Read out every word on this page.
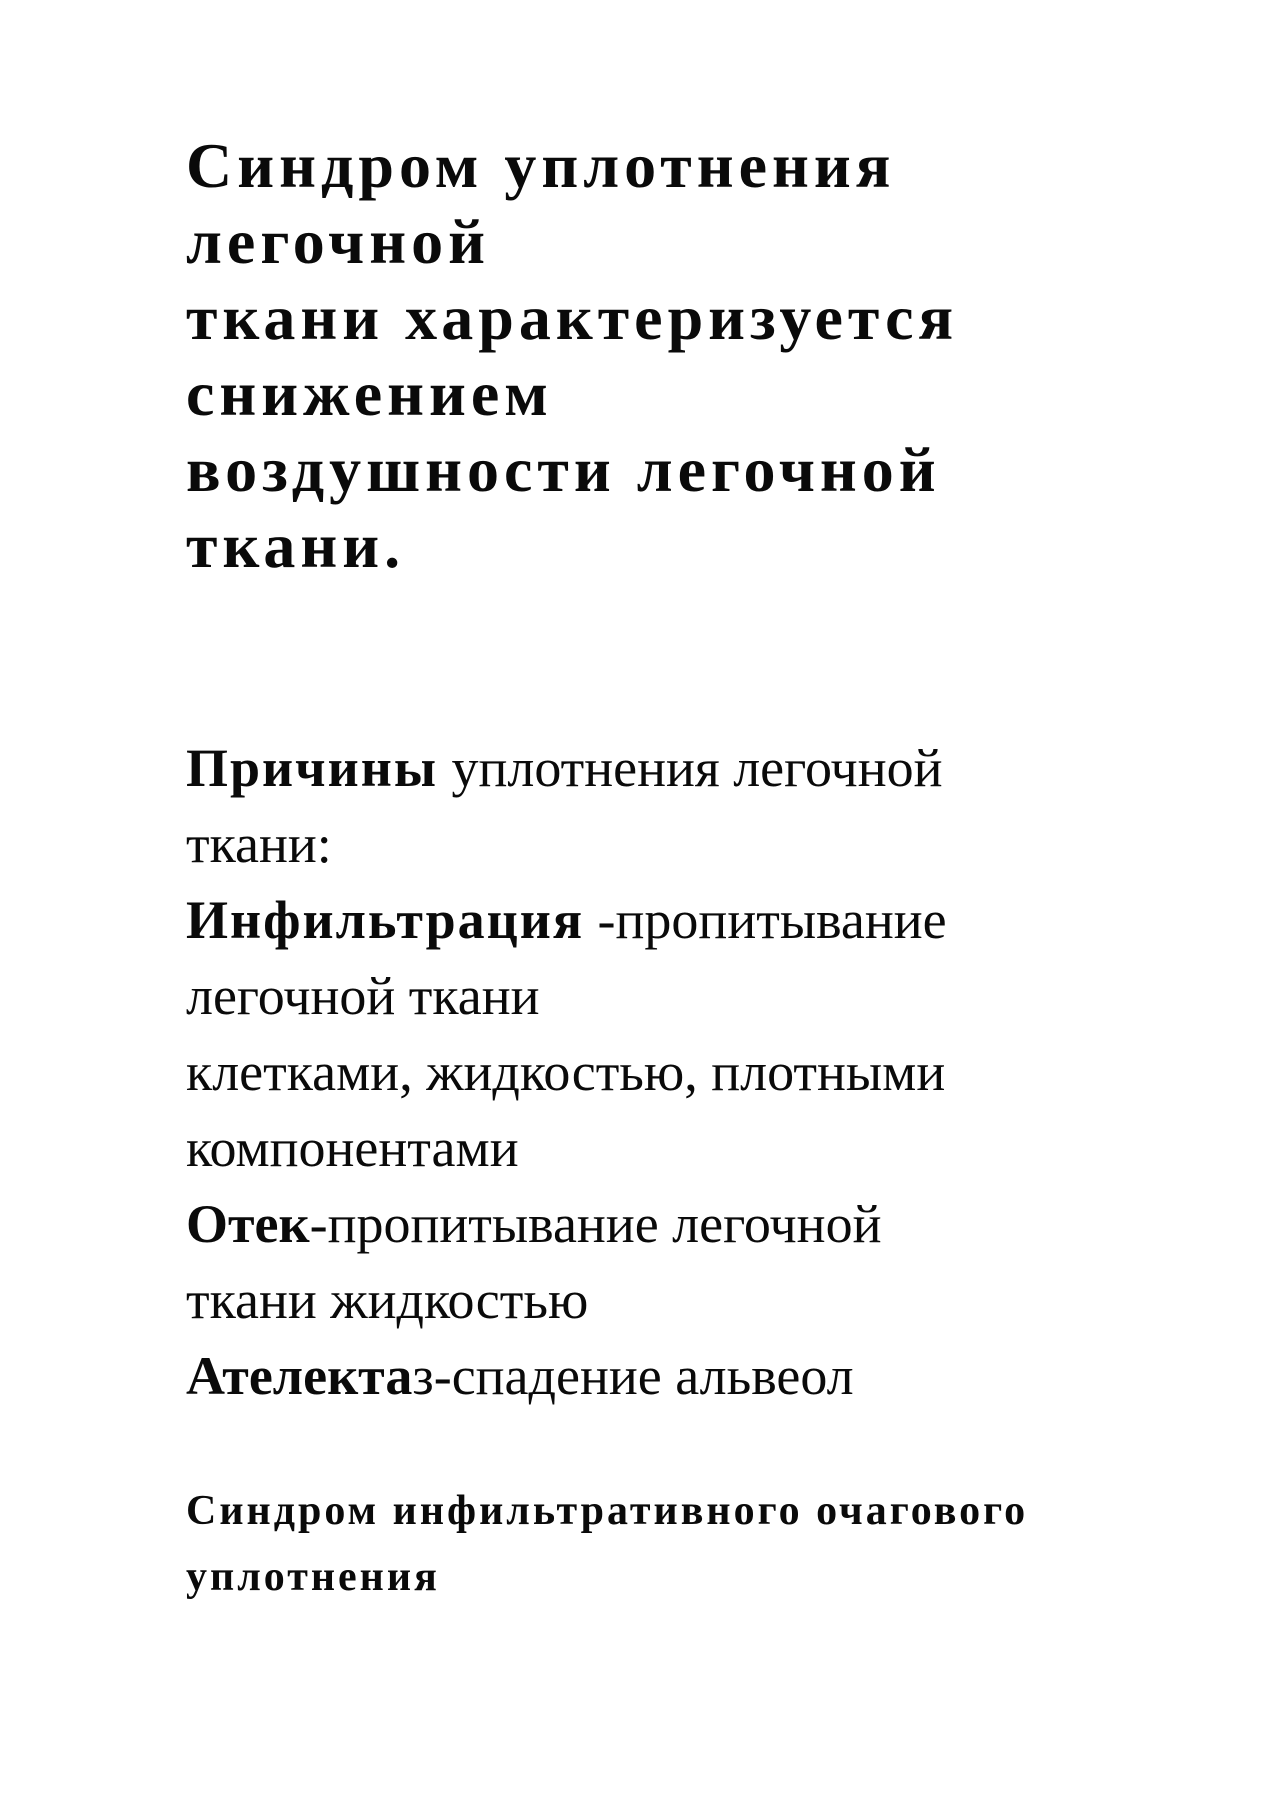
Синдром уплотнения
легочной
ткани характеризуется
снижением
воздушности легочной
ткани.
Причины уплотнения легочной
ткани:
Инфильтрация -пропитывание
легочной ткани
клетками, жидкостью, плотными
компонентами
Отек-пропитывание легочной
ткани жидкостью
Ателектаз-спадение альвеол
Синдром инфильтративного очагового
уплотнения
